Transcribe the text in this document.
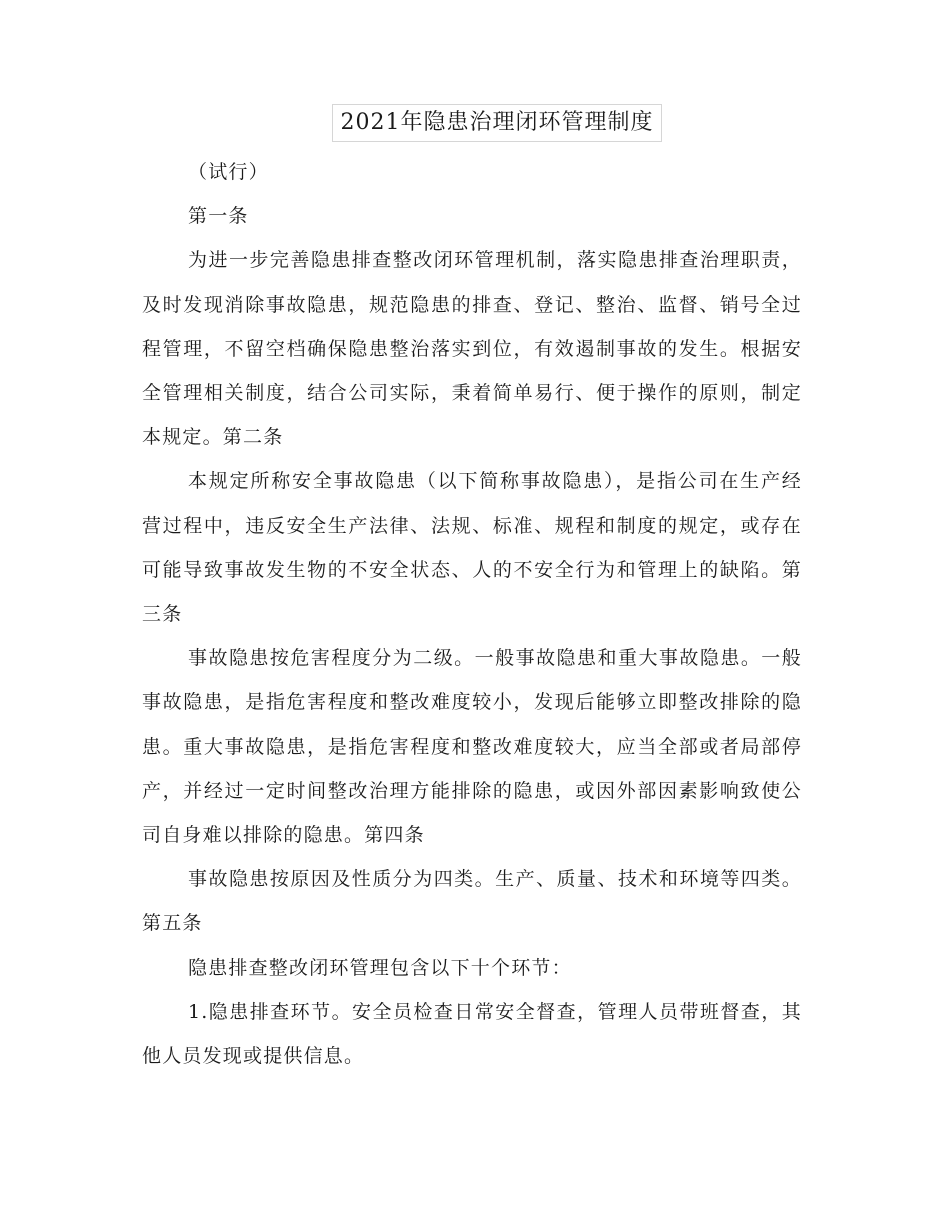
2021年隐患治理闭环管理制度

（试行）

第一条

为进一步完善隐患排查整改闭环管理机制，落实隐患排查治理职责，及时发现消除事故隐患，规范隐患的排查、登记、整治、监督、销号全过程管理，不留空档确保隐患整治落实到位，有效遏制事故的发生。根据安全管理相关制度，结合公司实际，秉着简单易行、便于操作的原则，制定本规定。第二条

本规定所称安全事故隐患（以下简称事故隐患），是指公司在生产经营过程中，违反安全生产法律、法规、标准、规程和制度的规定，或存在可能导致事故发生物的不安全状态、人的不安全行为和管理上的缺陷。第三条

事故隐患按危害程度分为二级。一般事故隐患和重大事故隐患。一般事故隐患，是指危害程度和整改难度较小，发现后能够立即整改排除的隐患。重大事故隐患，是指危害程度和整改难度较大，应当全部或者局部停产，并经过一定时间整改治理方能排除的隐患，或因外部因素影响致使公司自身难以排除的隐患。第四条

事故隐患按原因及性质分为四类。生产、质量、技术和环境等四类。第五条

隐患排查整改闭环管理包含以下十个环节：

1.隐患排查环节。安全员检查日常安全督查，管理人员带班督查，其他人员发现或提供信息。
